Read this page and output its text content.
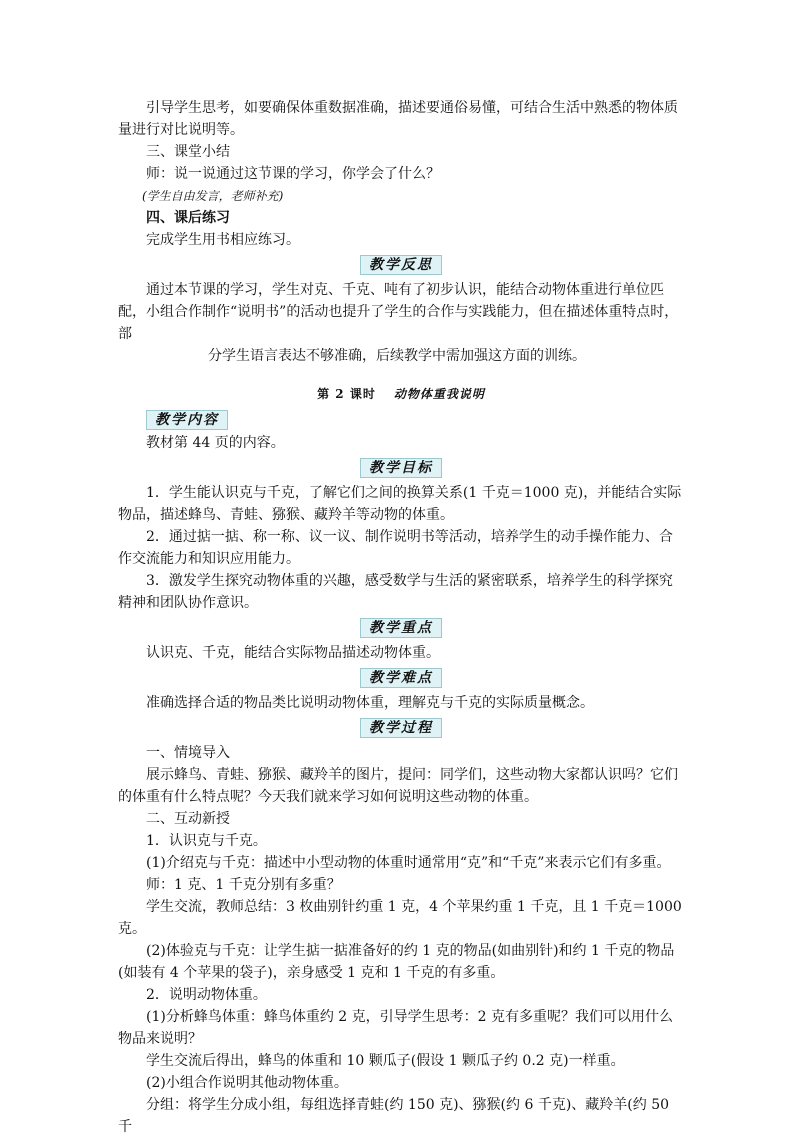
引导学生思考，如要确保体重数据准确，描述要通俗易懂，可结合生活中熟悉的物体质量进行对比说明等。

三、课堂小结

师：说一说通过这节课的学习，你学会了什么？

(学生自由发言，老师补充)

四、课后练习

完成学生用书相应练习。

教学反思

通过本节课的学习，学生对克、千克、吨有了初步认识，能结合动物体重进行单位匹配，小组合作制作“说明书”的活动也提升了学生的合作与实践能力，但在描述体重特点时，部

分学生语言表达不够准确，后续教学中需加强这方面的训练。

第 2 课时 动物体重我说明
教学内容

教材第 44 页的内容。

教学目标

1．学生能认识克与千克，了解它们之间的换算关系(1 千克＝1000 克)，并能结合实际物品，描述蜂鸟、青蛙、猕猴、藏羚羊等动物的体重。

2．通过掂一掂、称一称、议一议、制作说明书等活动，培养学生的动手操作能力、合作交流能力和知识应用能力。

3．激发学生探究动物体重的兴趣，感受数学与生活的紧密联系，培养学生的科学探究精神和团队协作意识。

教学重点

认识克、千克，能结合实际物品描述动物体重。

教学难点

准确选择合适的物品类比说明动物体重，理解克与千克的实际质量概念。

教学过程

一、情境导入

展示蜂鸟、青蛙、猕猴、藏羚羊的图片，提问：同学们，这些动物大家都认识吗？它们的体重有什么特点呢？今天我们就来学习如何说明这些动物的体重。

二、互动新授

1．认识克与千克。

(1)介绍克与千克：描述中小型动物的体重时通常用“克”和“千克”来表示它们有多重。

师：1 克、1 千克分别有多重？

学生交流，教师总结：3 枚曲别针约重 1 克，4 个苹果约重 1 千克，且 1 千克＝1000 克。

(2)体验克与千克：让学生掂一掂准备好的约 1 克的物品(如曲别针)和约 1 千克的物品(如装有 4 个苹果的袋子)，亲身感受 1 克和 1 千克的有多重。

2．说明动物体重。

(1)分析蜂鸟体重：蜂鸟体重约 2 克，引导学生思考：2 克有多重呢？我们可以用什么物品来说明？

学生交流后得出，蜂鸟的体重和 10 颗瓜子(假设 1 颗瓜子约 0.2 克)一样重。

(2)小组合作说明其他动物体重。

分组：将学生分成小组，每组选择青蛙(约 150 克)、猕猴(约 6 千克)、藏羚羊(约 50 千
